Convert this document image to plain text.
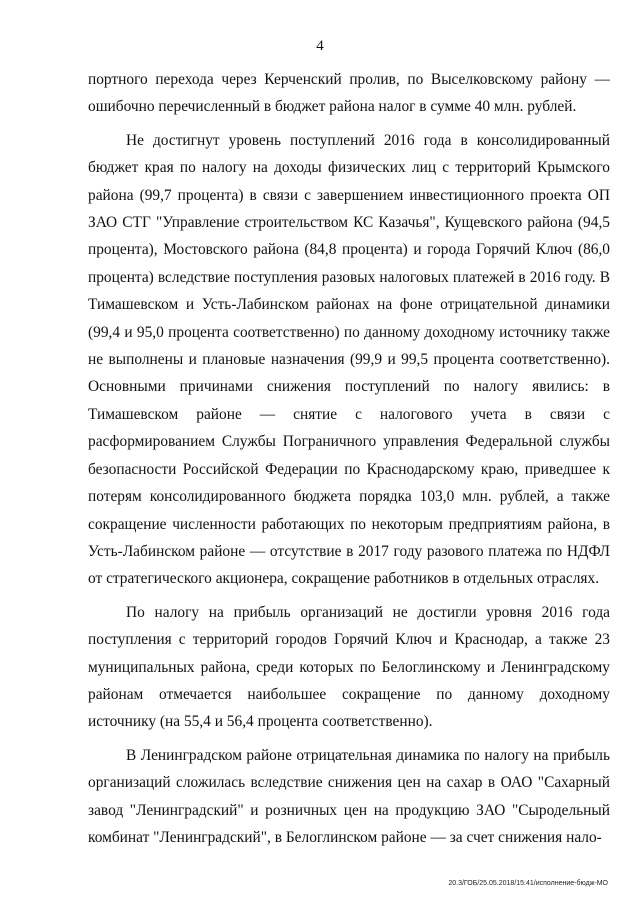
4

портного перехода через Керченский пролив, по Выселковскому району — ошибочно перечисленный в бюджет района налог в сумме 40 млн. рублей.

Не достигнут уровень поступлений 2016 года в консолидированный бюджет края по налогу на доходы физических лиц с территорий Крымского района (99,7 процента) в связи с завершением инвестиционного проекта ОП ЗАО СТГ "Управление строительством КС Казачья", Кущевского района (94,5 процента), Мостовского района (84,8 процента) и города Горячий Ключ (86,0 процента) вследствие поступления разовых налоговых платежей в 2016 году. В Тимашевском и Усть-Лабинском районах на фоне отрицательной динамики (99,4 и 95,0 процента соответственно) по данному доходному источнику также не выполнены и плановые назначения (99,9 и 99,5 процента соответственно). Основными причинами снижения поступлений по налогу явились: в Тимашевском районе — снятие с налогового учета в связи с расформированием Службы Пограничного управления Федеральной службы безопасности Российской Федерации по Краснодарскому краю, приведшее к потерям консолидированного бюджета порядка 103,0 млн. рублей, а также сокращение численности работающих по некоторым предприятиям района, в Усть-Лабинском районе — отсутствие в 2017 году разового платежа по НДФЛ от стратегического акционера, сокращение работников в отдельных отраслях.

По налогу на прибыль организаций не достигли уровня 2016 года поступления с территорий городов Горячий Ключ и Краснодар, а также 23 муниципальных района, среди которых по Белоглинскому и Ленинградскому районам отмечается наибольшее сокращение по данному доходному источнику (на 55,4 и 56,4 процента соответственно).

В Ленинградском районе отрицательная динамика по налогу на прибыль организаций сложилась вследствие снижения цен на сахар в ОАО "Сахарный завод "Ленинградский" и розничных цен на продукцию ЗАО "Сыродельный комбинат "Ленинградский", в Белоглинском районе — за счет снижения нало-

20.3/ГОБ/25.05.2018/15:41/исполнение-бюдж-МО
